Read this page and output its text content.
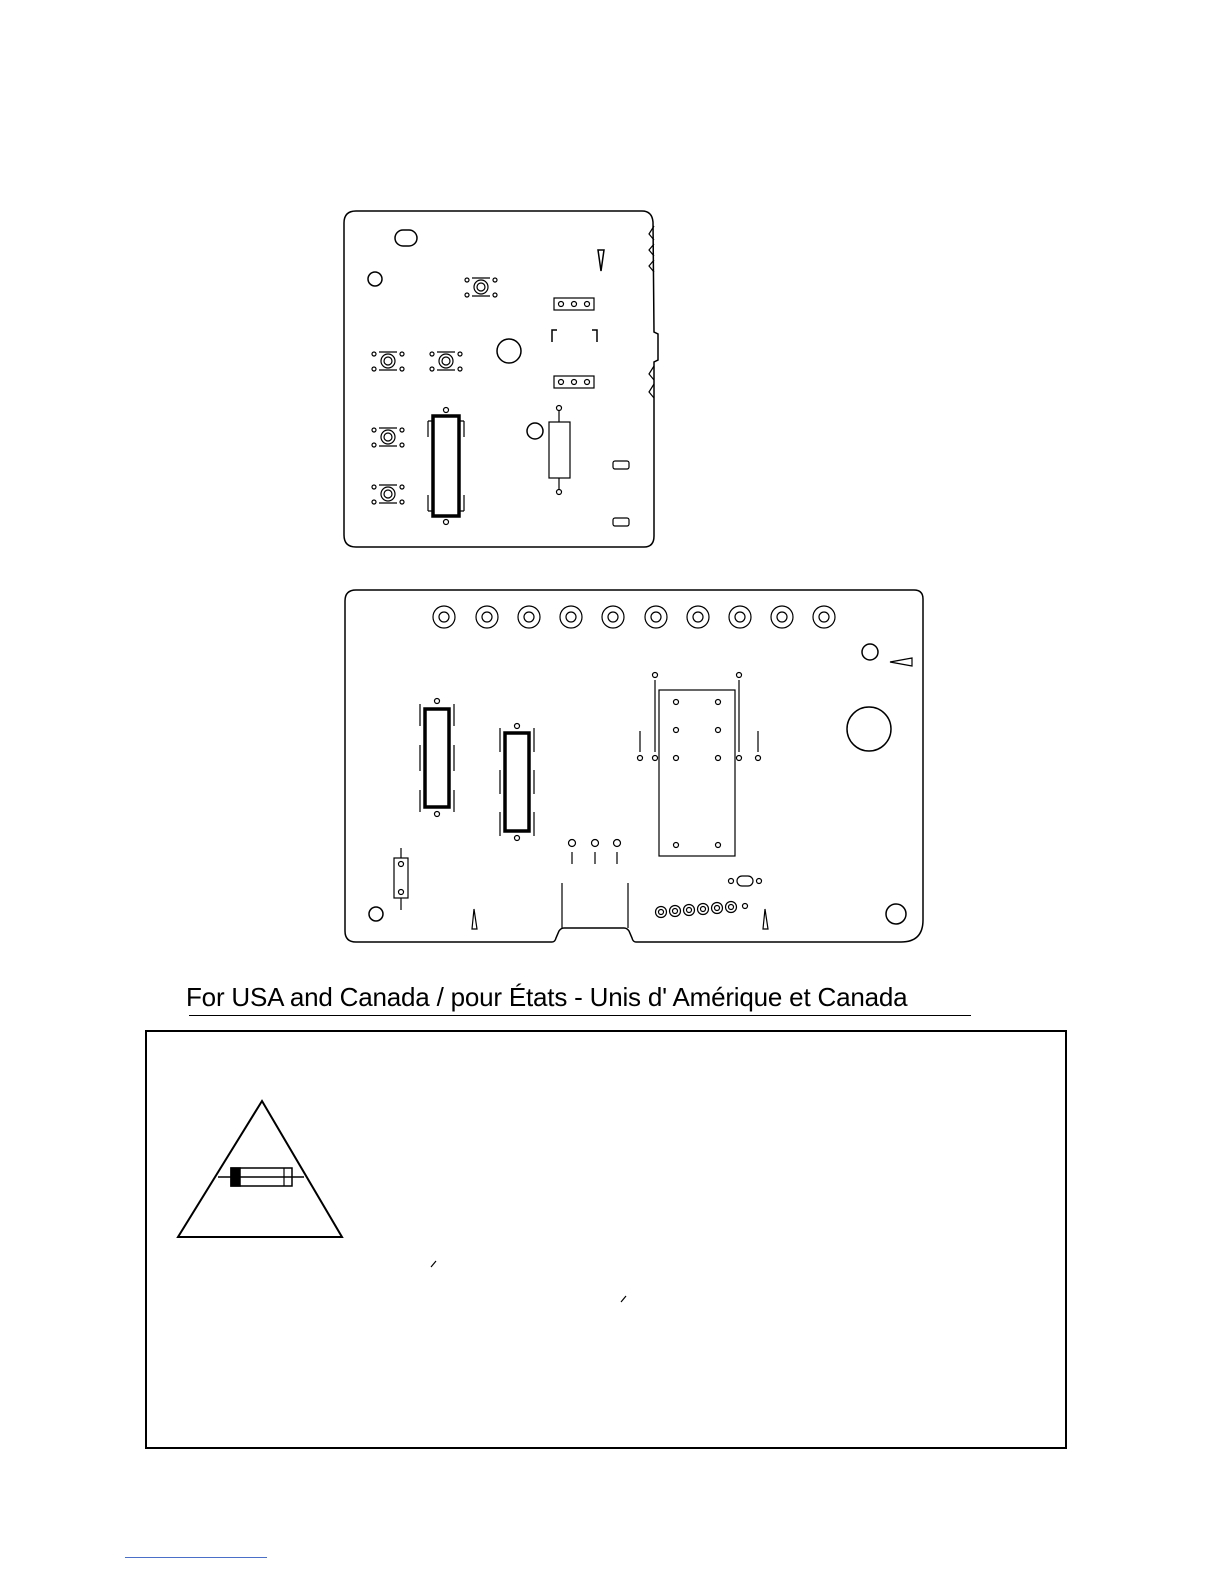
For USA and Canada / pour États - Unis d' Amérique et Canada
